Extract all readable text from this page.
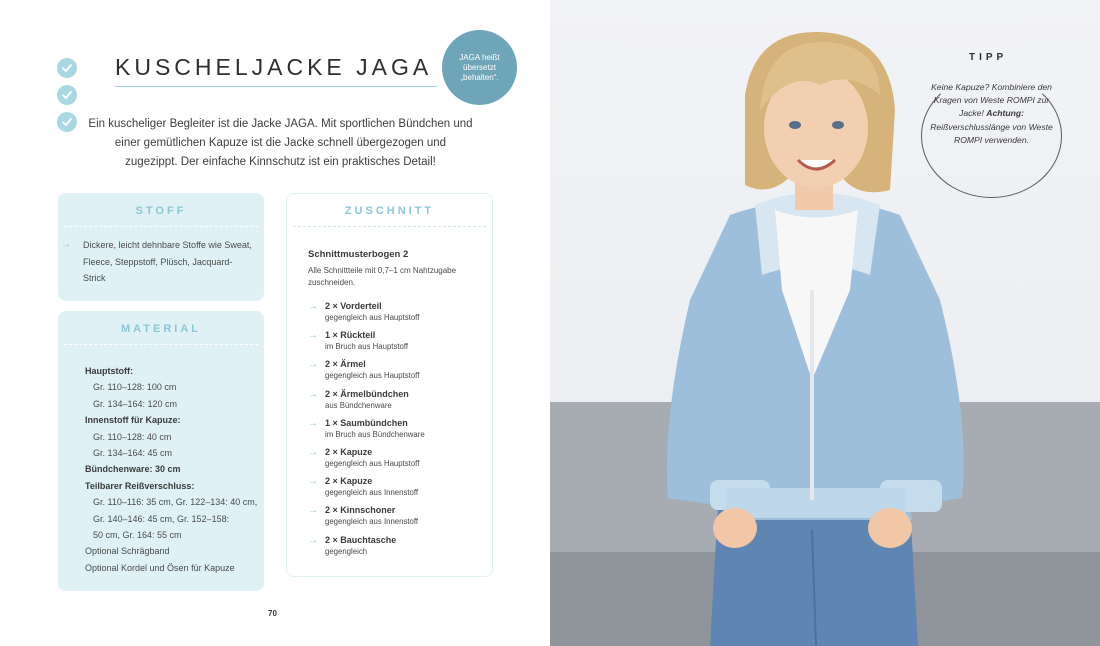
KUSCHELJACKE JAGA	JAGA heißt übersetzt „behalten“.

Ein kuscheliger Begleiter ist die Jacke JAGA. Mit sportlichen Bündchen und einer gemütlichen Kapuze ist die Jacke schnell übergezogen und zugezippt. Der einfache Kinnschutz ist ein praktisches Detail!

STOFF
→ Dickere, leicht dehnbare Stoffe wie Sweat, Fleece, Steppstoff, Plüsch, Jacquard-Strick
MATERIAL
Hauptstoff:
Gr. 110–128: 100 cm
Gr. 134–164: 120 cm
Innenstoff für Kapuze:
Gr. 110–128: 40 cm
Gr. 134–164: 45 cm
Bündchenware: 30 cm
Teilbarer Reißverschluss:
Gr. 110–116: 35 cm, Gr. 122–134: 40 cm,
Gr. 140–146: 45 cm, Gr. 152–158:
50 cm, Gr. 164: 55 cm
Optional Schrägband
Optional Kordel und Ösen für Kapuze
ZUSCHNITT
Schnittmusterbogen 2
Alle Schnittteile mit 0,7–1 cm Nahtzugabe zuschneiden.
→ 2 × Vorderteil
gegengleich aus Hauptstoff
→ 1 × Rückteil
im Bruch aus Hauptstoff
→ 2 × Ärmel
gegengleich aus Hauptstoff
→ 2 × Ärmelbündchen
aus Bündchenware
→ 1 × Saumbündchen
im Bruch aus Bündchenware
→ 2 × Kapuze
gegengleich aus Hauptstoff
→ 2 × Kapuze
gegengleich aus Innenstoff
→ 2 × Kinnschoner
gegengleich aus Innenstoff
→ 2 × Bauchtasche
gegengleich
70
TIPP
Keine Kapuze? Kombiniere den Kragen von Weste ROMPI zur Jacke! Achtung: Reißverschlusslänge von Weste ROMPI verwenden.
